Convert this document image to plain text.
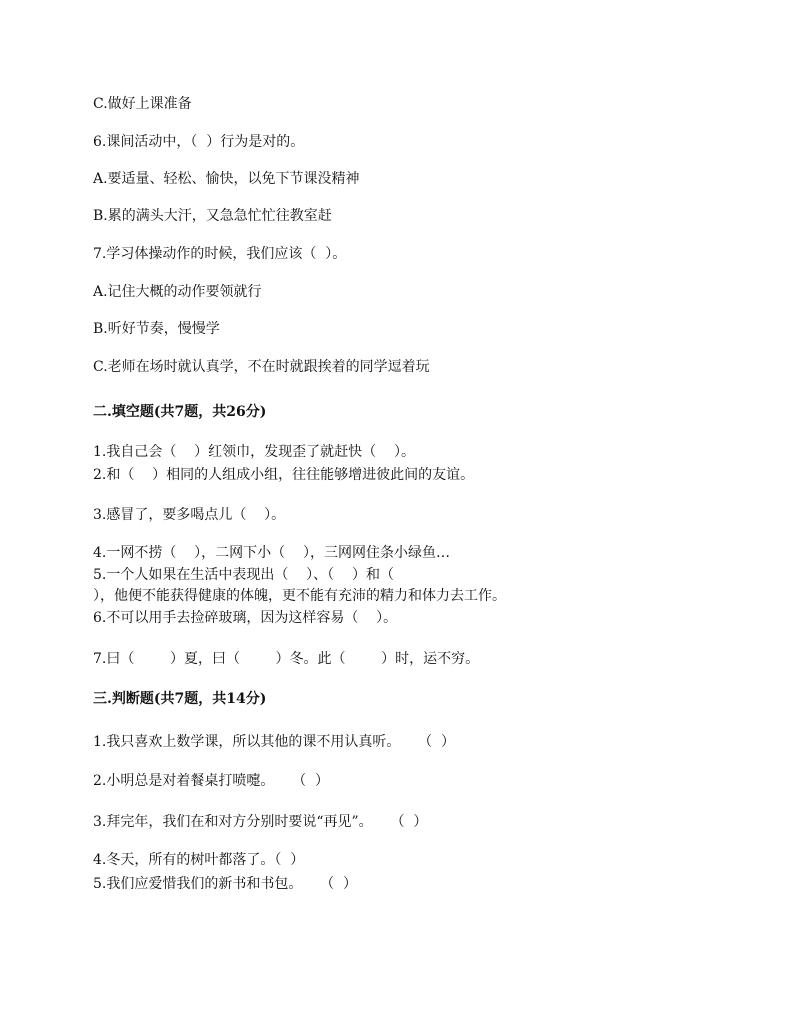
C.做好上课准备
6.课间活动中，（  ）行为是对的。
A.要适量、轻松、愉快，以免下节课没精神
B.累的满头大汗，又急急忙忙往教室赶
7.学习体操动作的时候，我们应该（  ）。
A.记住大概的动作要领就行
B.听好节奏，慢慢学
C.老师在场时就认真学，不在时就跟挨着的同学逗着玩
二.填空题(共7题，共26分)
1.我自己会（    ）红领巾，发现歪了就赶快（    ）。
2.和（    ）相同的人组成小组，往往能够增进彼此间的友谊。
3.感冒了，要多喝点儿（    ）。
4.一网不捞（    ），二网下小（    ），三网网住条小绿鱼…
5.一个人如果在生活中表现出（    ）、（    ）和（
），他便不能获得健康的体魄，更不能有充沛的精力和体力去工作。
6.不可以用手去捡碎玻璃，因为这样容易（    ）。
7.曰（        ）夏，曰（        ）冬。此（        ）时，运不穷。
三.判断题(共7题，共14分)
1.我只喜欢上数学课，所以其他的课不用认真听。    （  ）
2.小明总是对着餐桌打喷嚏。    （  ）
3.拜完年，我们在和对方分别时要说“再见”。    （  ）
4.冬天，所有的树叶都落了。（  ）
5.我们应爱惜我们的新书和书包。    （  ）
